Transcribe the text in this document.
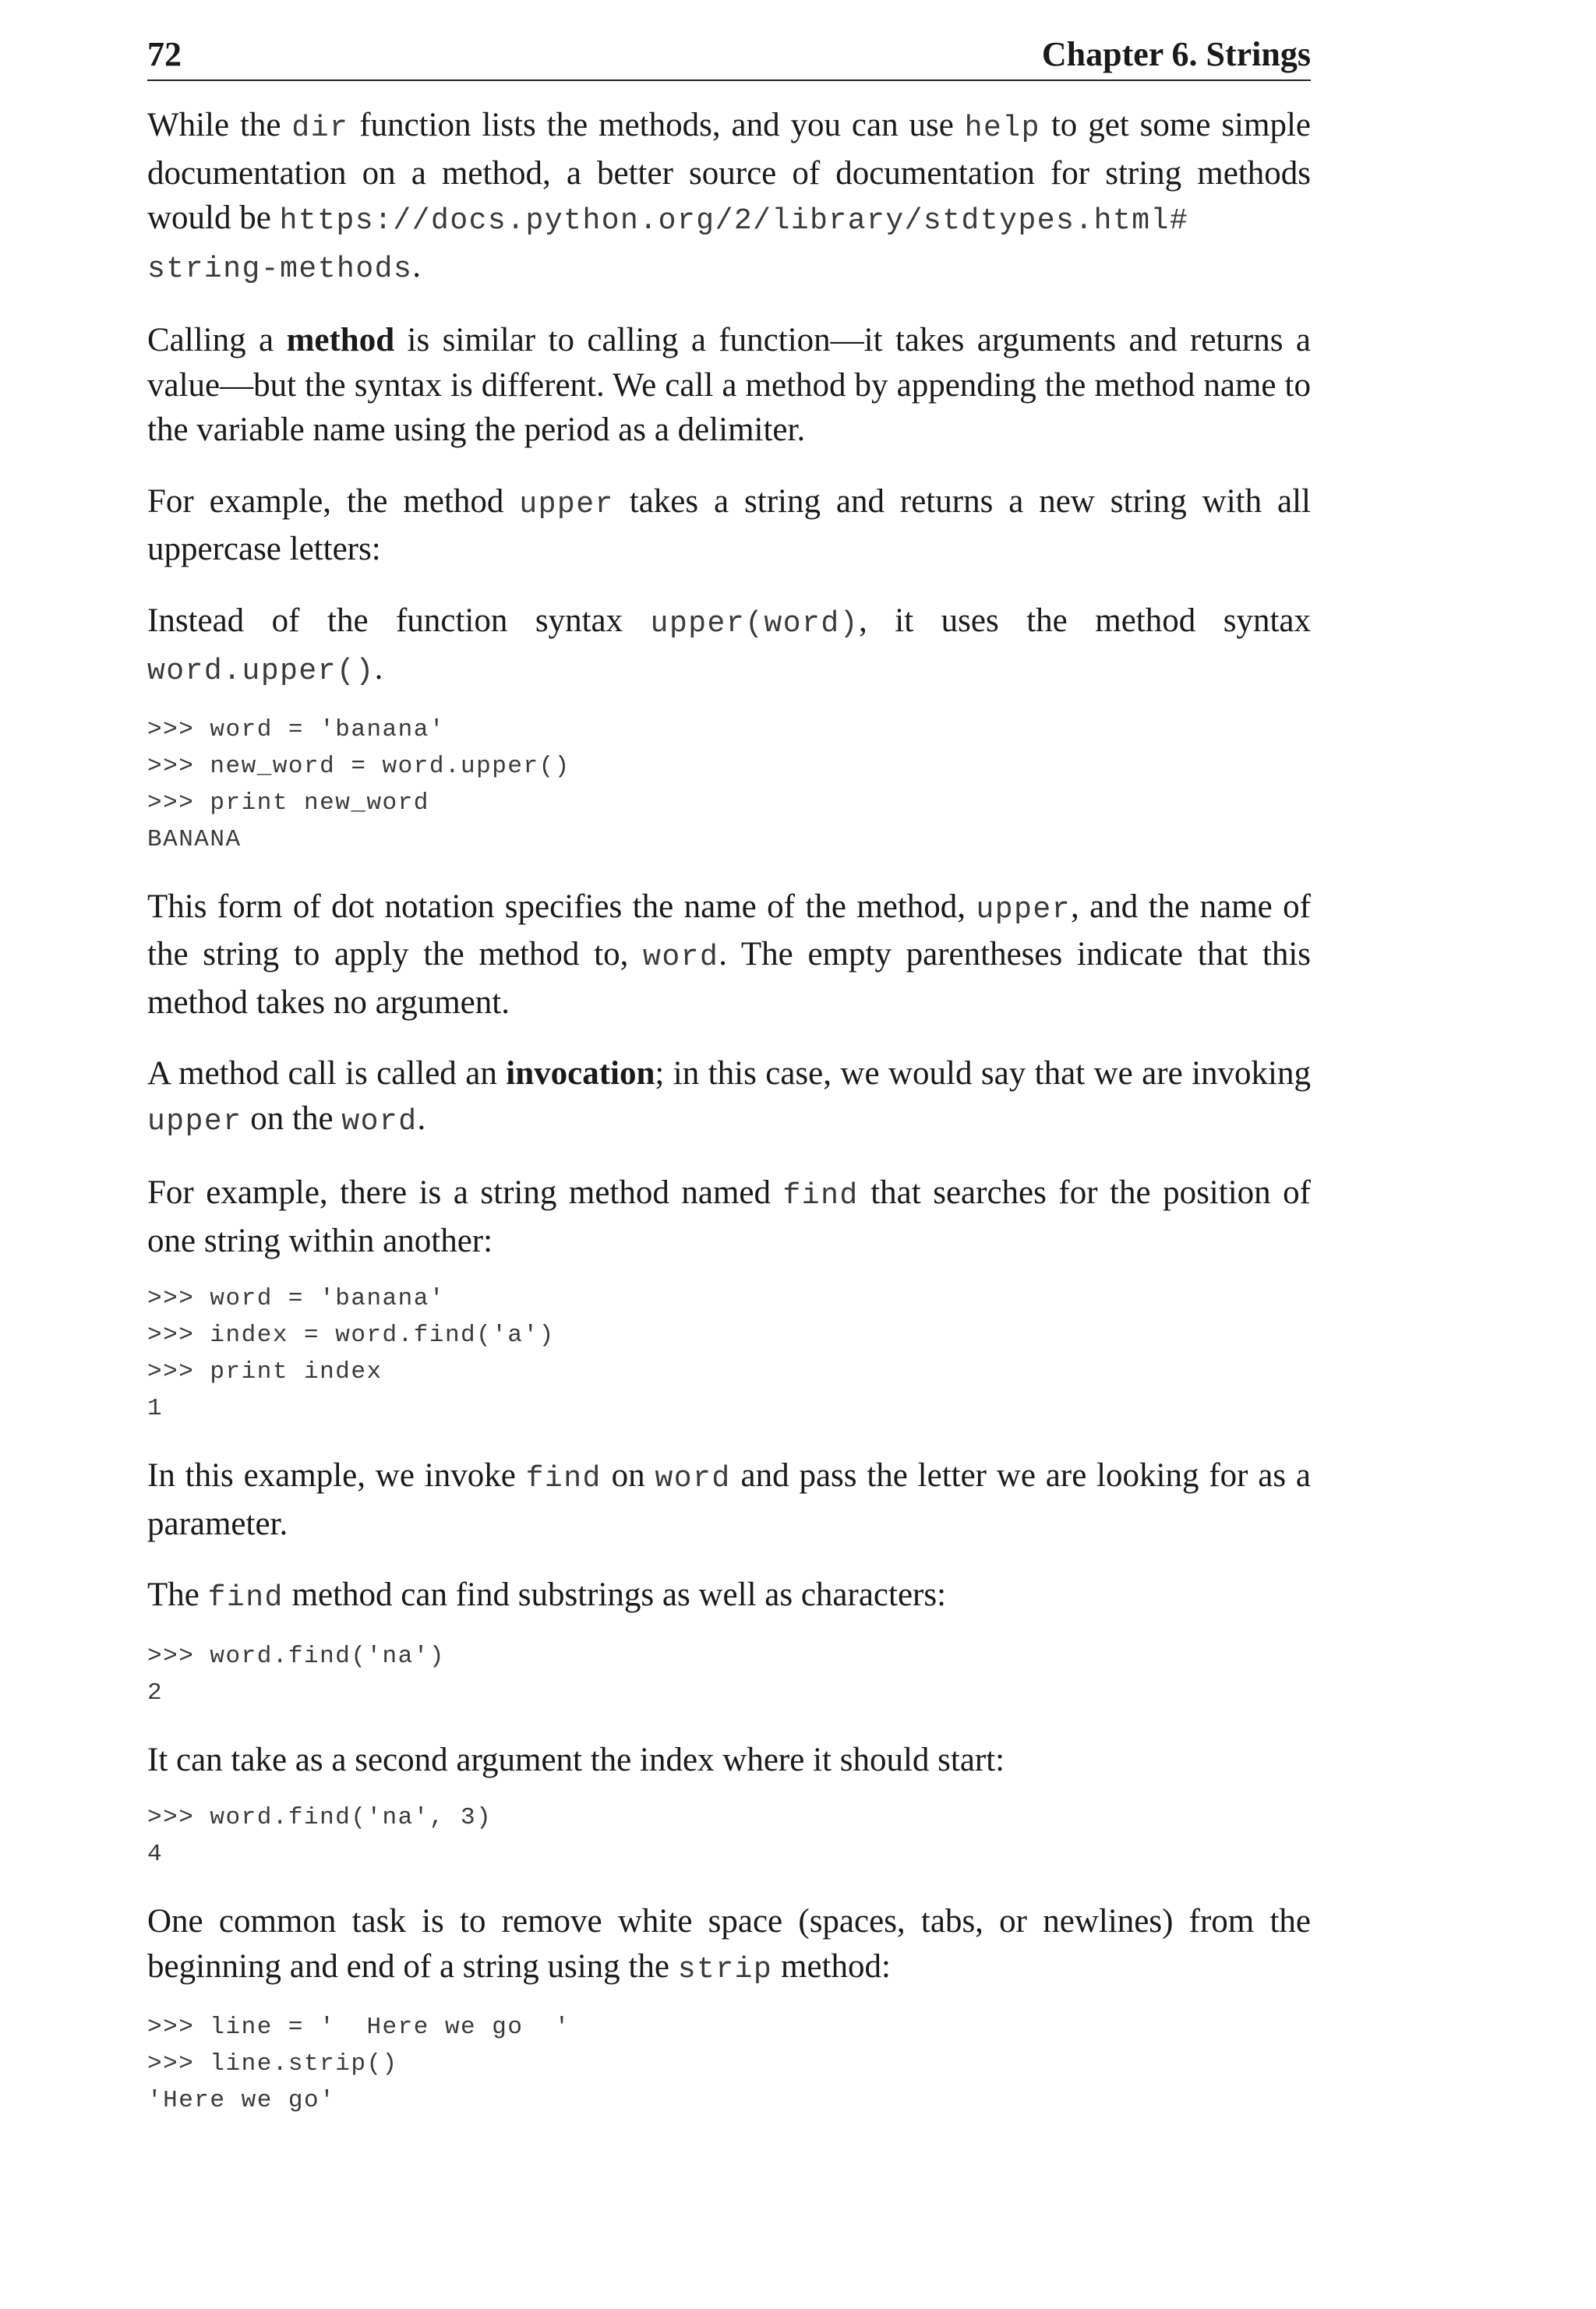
72	Chapter 6. Strings

While the dir function lists the methods, and you can use help to get some simple documentation on a method, a better source of documentation for string methods would be https://docs.python.org/2/library/stdtypes.html#
string-methods.

Calling a method is similar to calling a function—it takes arguments and returns a value—but the syntax is different. We call a method by appending the method name to the variable name using the period as a delimiter.

For example, the method upper takes a string and returns a new string with all uppercase letters:

Instead of the function syntax upper(word), it uses the method syntax word.upper().

>>> word = 'banana'
>>> new_word = word.upper()
>>> print new_word
BANANA

This form of dot notation specifies the name of the method, upper, and the name of the string to apply the method to, word. The empty parentheses indicate that this method takes no argument.

A method call is called an invocation; in this case, we would say that we are invoking upper on the word.

For example, there is a string method named find that searches for the position of one string within another:

>>> word = 'banana'
>>> index = word.find('a')
>>> print index
1

In this example, we invoke find on word and pass the letter we are looking for as a parameter.

The find method can find substrings as well as characters:

>>> word.find('na')
2

It can take as a second argument the index where it should start:

>>> word.find('na', 3)
4

One common task is to remove white space (spaces, tabs, or newlines) from the beginning and end of a string using the strip method:

>>> line = '  Here we go  '
>>> line.strip()
'Here we go'
